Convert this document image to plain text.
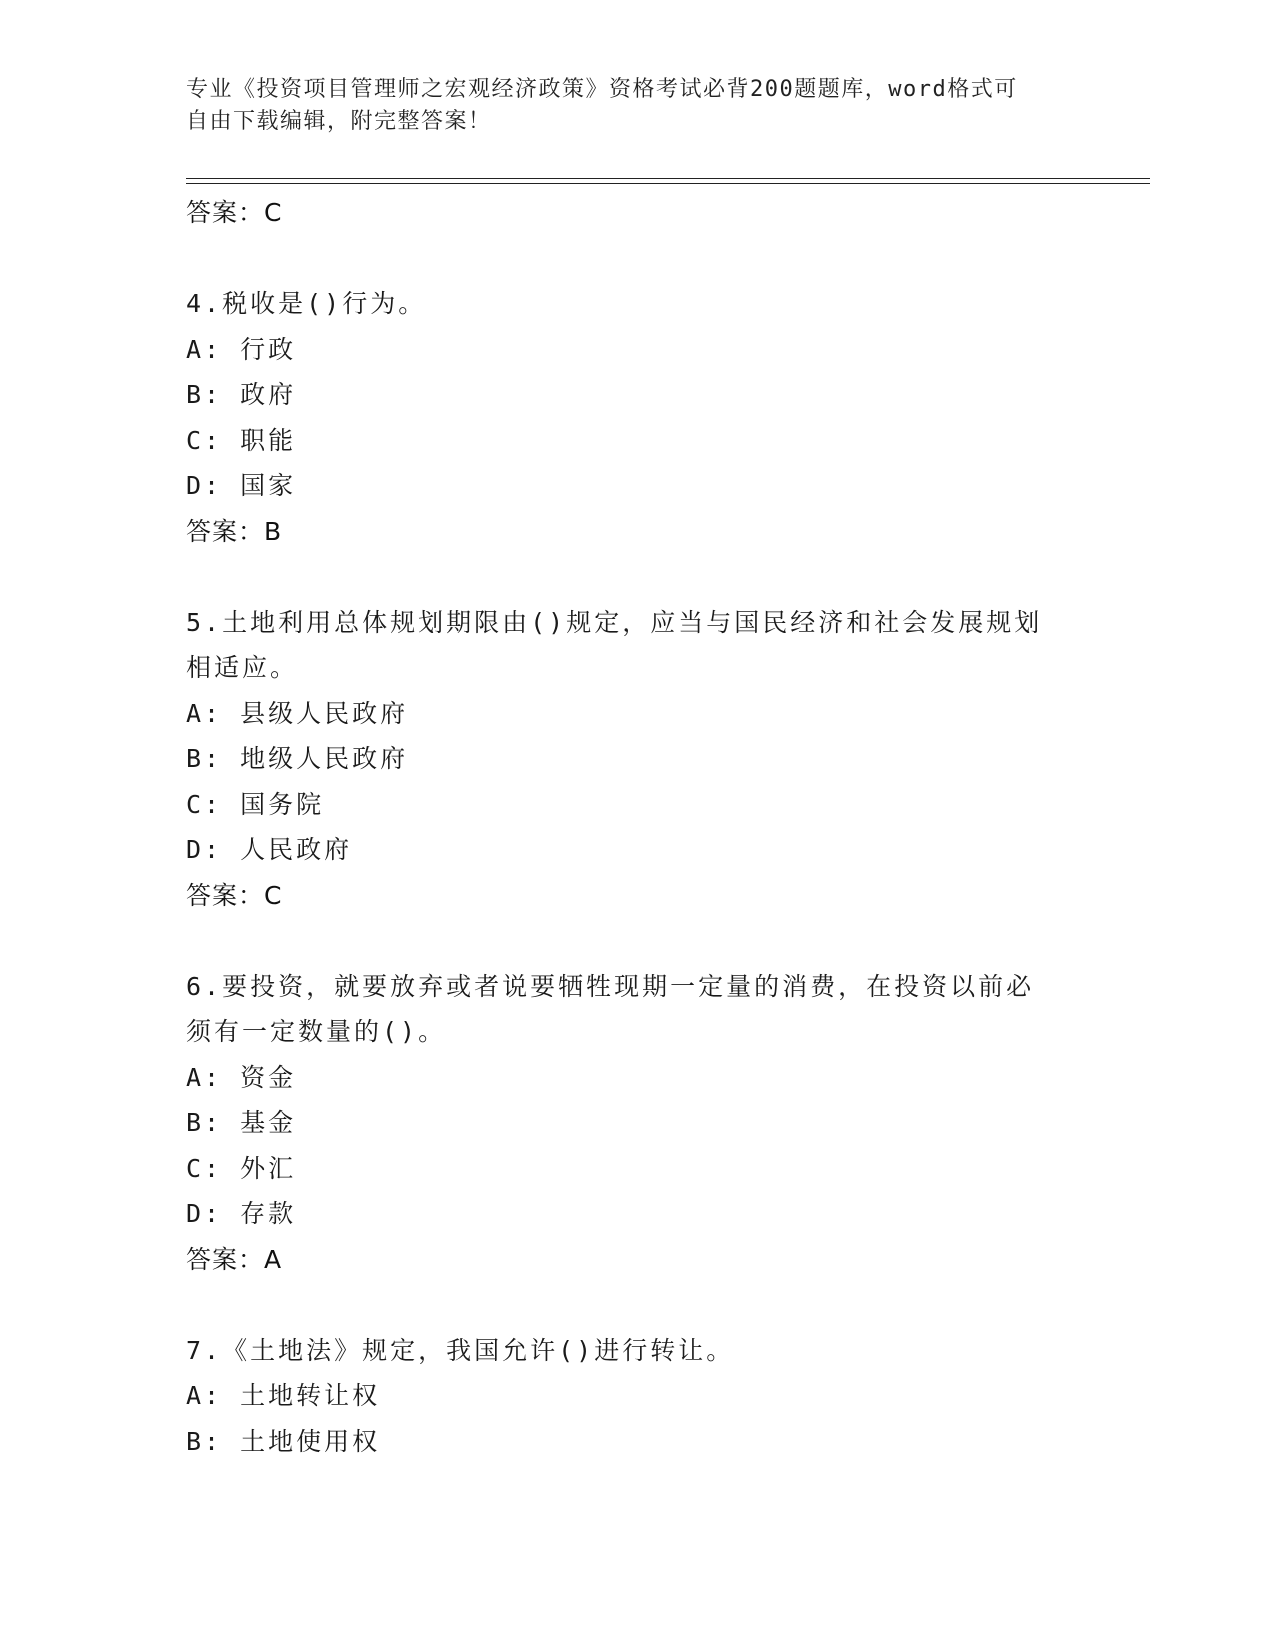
专业《投资项目管理师之宏观经济政策》资格考试必背200题题库，word格式可
自由下载编辑，附完整答案！
答案：C
4.税收是()行为。
A: 行政
B: 政府
C: 职能
D: 国家
答案：B
5.土地利用总体规划期限由()规定，应当与国民经济和社会发展规划
相适应。
A: 县级人民政府
B: 地级人民政府
C: 国务院
D: 人民政府
答案：C
6.要投资，就要放弃或者说要牺牲现期一定量的消费，在投资以前必
须有一定数量的()。
A: 资金
B: 基金
C: 外汇
D: 存款
答案：A
7.《土地法》规定，我国允许()进行转让。
A: 土地转让权
B: 土地使用权
